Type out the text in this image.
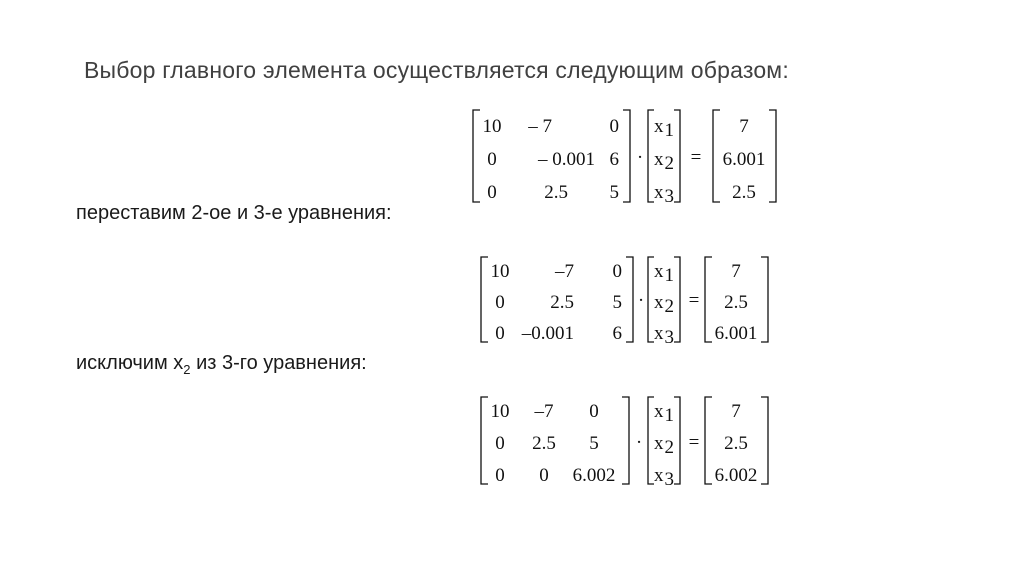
Выбор главного элемента осуществляется следующим образом:
10 – 7	0
0 – 0.001 6
0	2.5 5
·
x1
x2
x3
=
7
6.001
2.5
переставим 2-ое и 3-е уравнения:
10 –7 0
0 2.5 5
0 –0.001 6
·
x1
x2
x3
=
7
2.5
6.001
исключим $x_2$ из 3-го уравнения:
10 –7 0
0 2.5 5
0 0 6.002
·
x1
x2
x3
=
7
2.5
6.002
